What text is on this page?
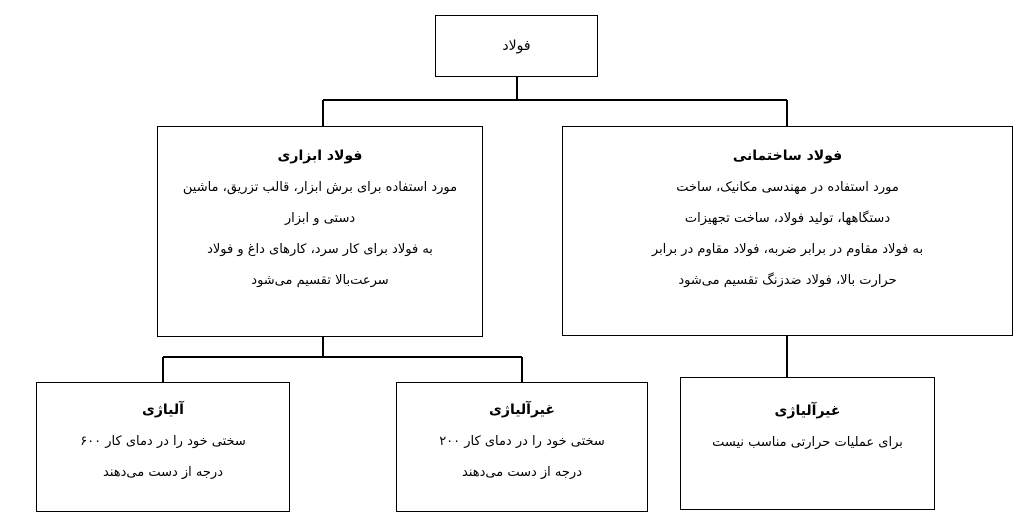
فولاد

فولاد ابزاری

مورد استفاده برای برش ابزار، قالب تزریق، ماشین

دستی و ابزار

به فولاد برای کار سرد، کارهای داغ و فولاد

سرعت‌بالا تقسیم می‌شود

فولاد ساختمانی

مورد استفاده در مهندسی مکانیک، ساخت

دستگاهها، تولید فولاد، ساخت تجهیزات

به فولاد مقاوم در برابر ضربه، فولاد مقاوم در برابر

حرارت بالا، فولاد ضدزنگ تقسیم می‌شود

آلیاژی

سختی خود را در دمای کار ۶۰۰

درجه از دست می‌دهند

غیرآلیاژی

سختی خود را در دمای کار ۲۰۰

درجه از دست می‌دهند

غیرآلیاژی

برای عملیات حرارتی مناسب نیست
